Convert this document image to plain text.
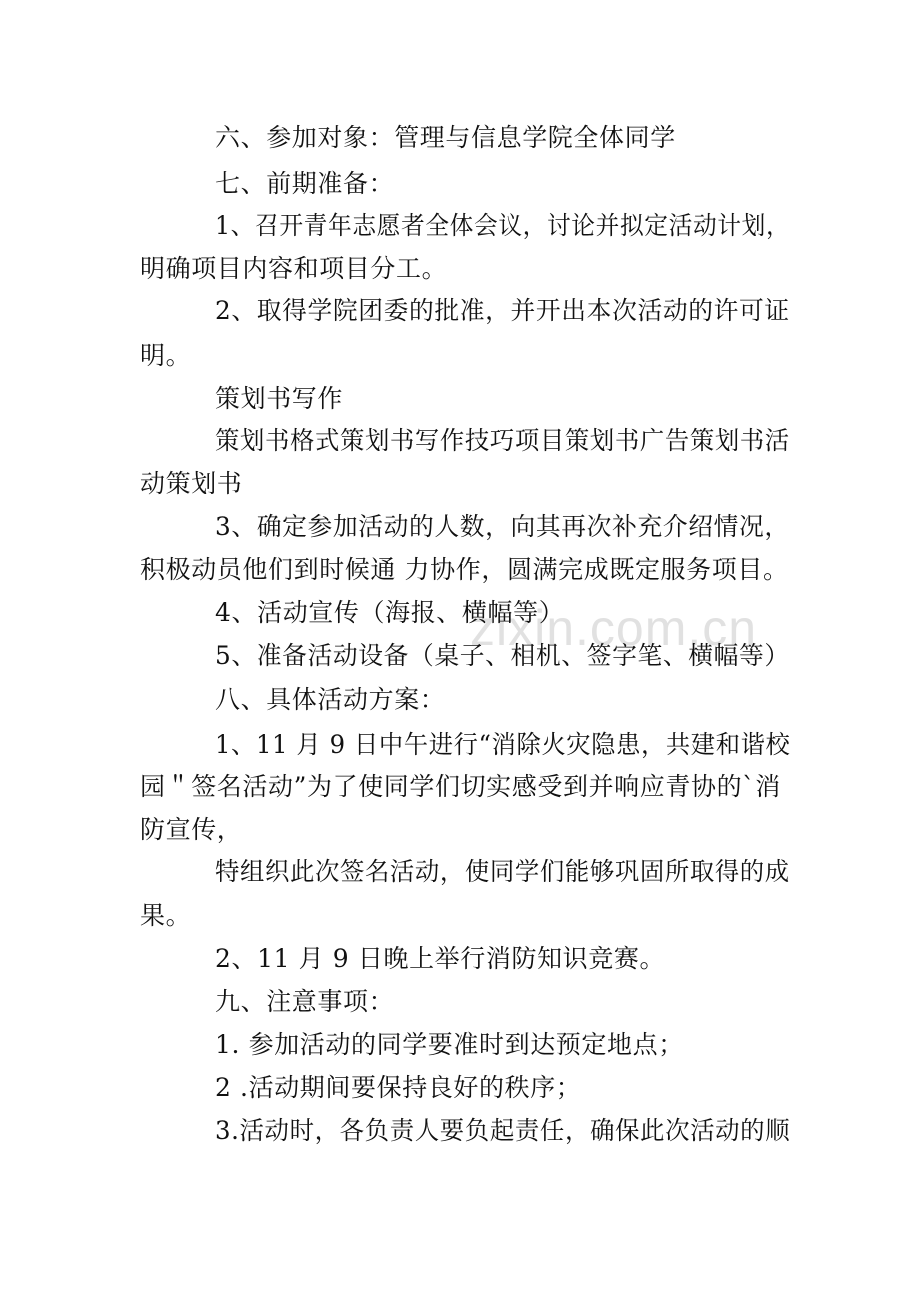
zixin.com.cn
六、参加对象：管理与信息学院全体同学
七、前期准备：
1、召开青年志愿者全体会议，讨论并拟定活动计划，
明确项目内容和项目分工。
2、取得学院团委的批准，并开出本次活动的许可证
明。
策划书写作
策划书格式策划书写作技巧项目策划书广告策划书活
动策划书
3、确定参加活动的人数，向其再次补充介绍情况，
积极动员他们到时候通 力协作，圆满完成既定服务项目。
4、活动宣传（海报、横幅等）
5、准备活动设备（桌子、相机、签字笔、横幅等）
八、具体活动方案：
1、11 月 9 日中午进行“消除火灾隐患，共建和谐校
园＂签名活动”为了使同学们切实感受到并响应青协的`消
防宣传，
特组织此次签名活动，使同学们能够巩固所取得的成
果。
2、11 月 9 日晚上举行消防知识竞赛。
九、注意事项：
1. 参加活动的同学要准时到达预定地点；
2 .活动期间要保持良好的秩序；
3.活动时，各负责人要负起责任，确保此次活动的顺
